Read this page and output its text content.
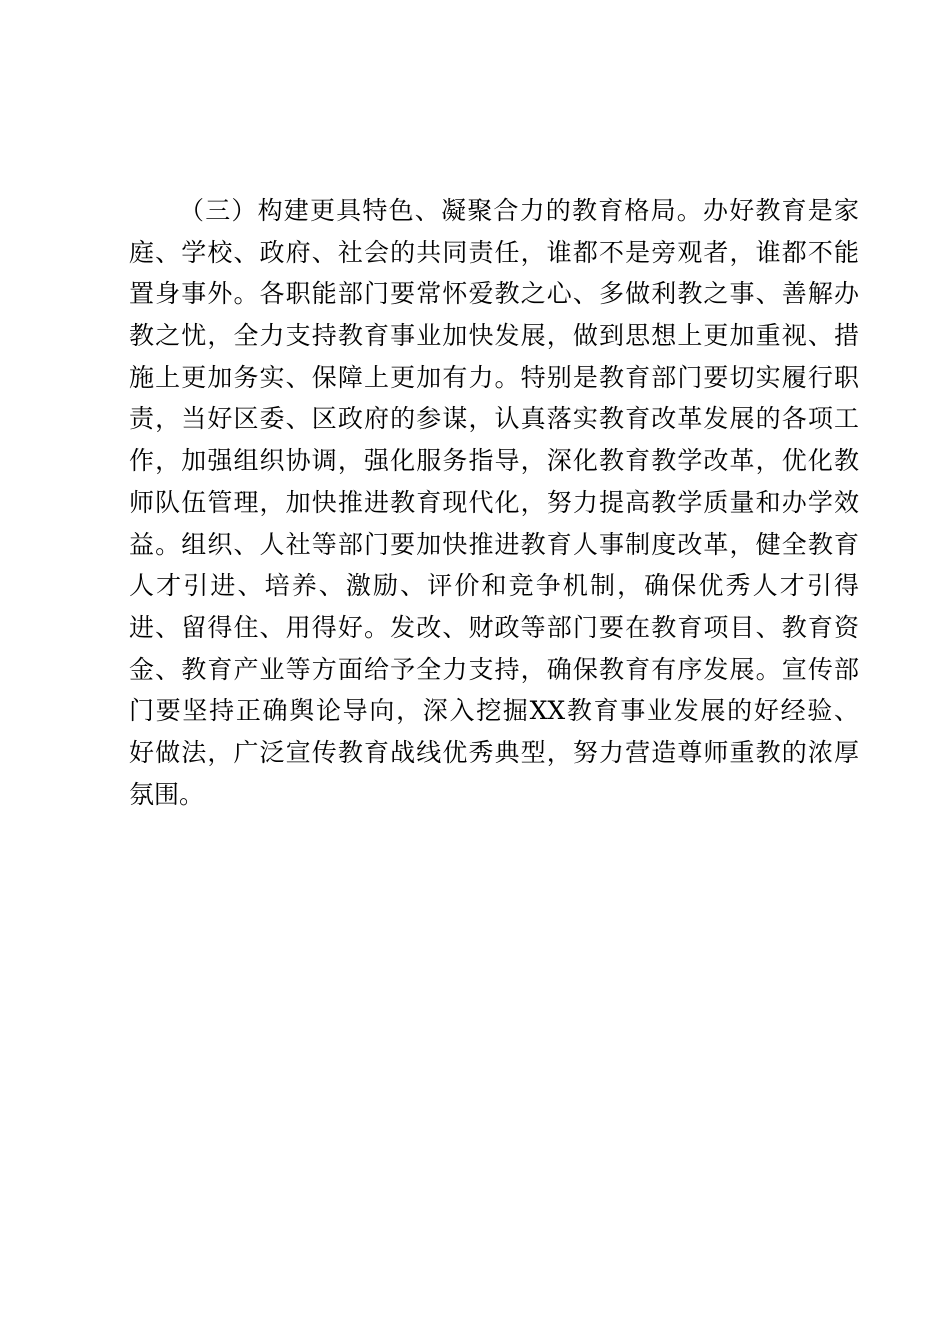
（三）构建更具特色、凝聚合力的教育格局。办好教育是家
庭、学校、政府、社会的共同责任，谁都不是旁观者，谁都不能
置身事外。各职能部门要常怀爱教之心、多做利教之事、善解办
教之忧，全力支持教育事业加快发展，做到思想上更加重视、措
施上更加务实、保障上更加有力。特别是教育部门要切实履行职
责，当好区委、区政府的参谋，认真落实教育改革发展的各项工
作，加强组织协调，强化服务指导，深化教育教学改革，优化教
师队伍管理，加快推进教育现代化，努力提高教学质量和办学效
益。组织、人社等部门要加快推进教育人事制度改革，健全教育
人才引进、培养、激励、评价和竞争机制，确保优秀人才引得
进、留得住、用得好。发改、财政等部门要在教育项目、教育资
金、教育产业等方面给予全力支持，确保教育有序发展。宣传部
门要坚持正确舆论导向，深入挖掘XX教育事业发展的好经验、
好做法，广泛宣传教育战线优秀典型，努力营造尊师重教的浓厚
氛围。
